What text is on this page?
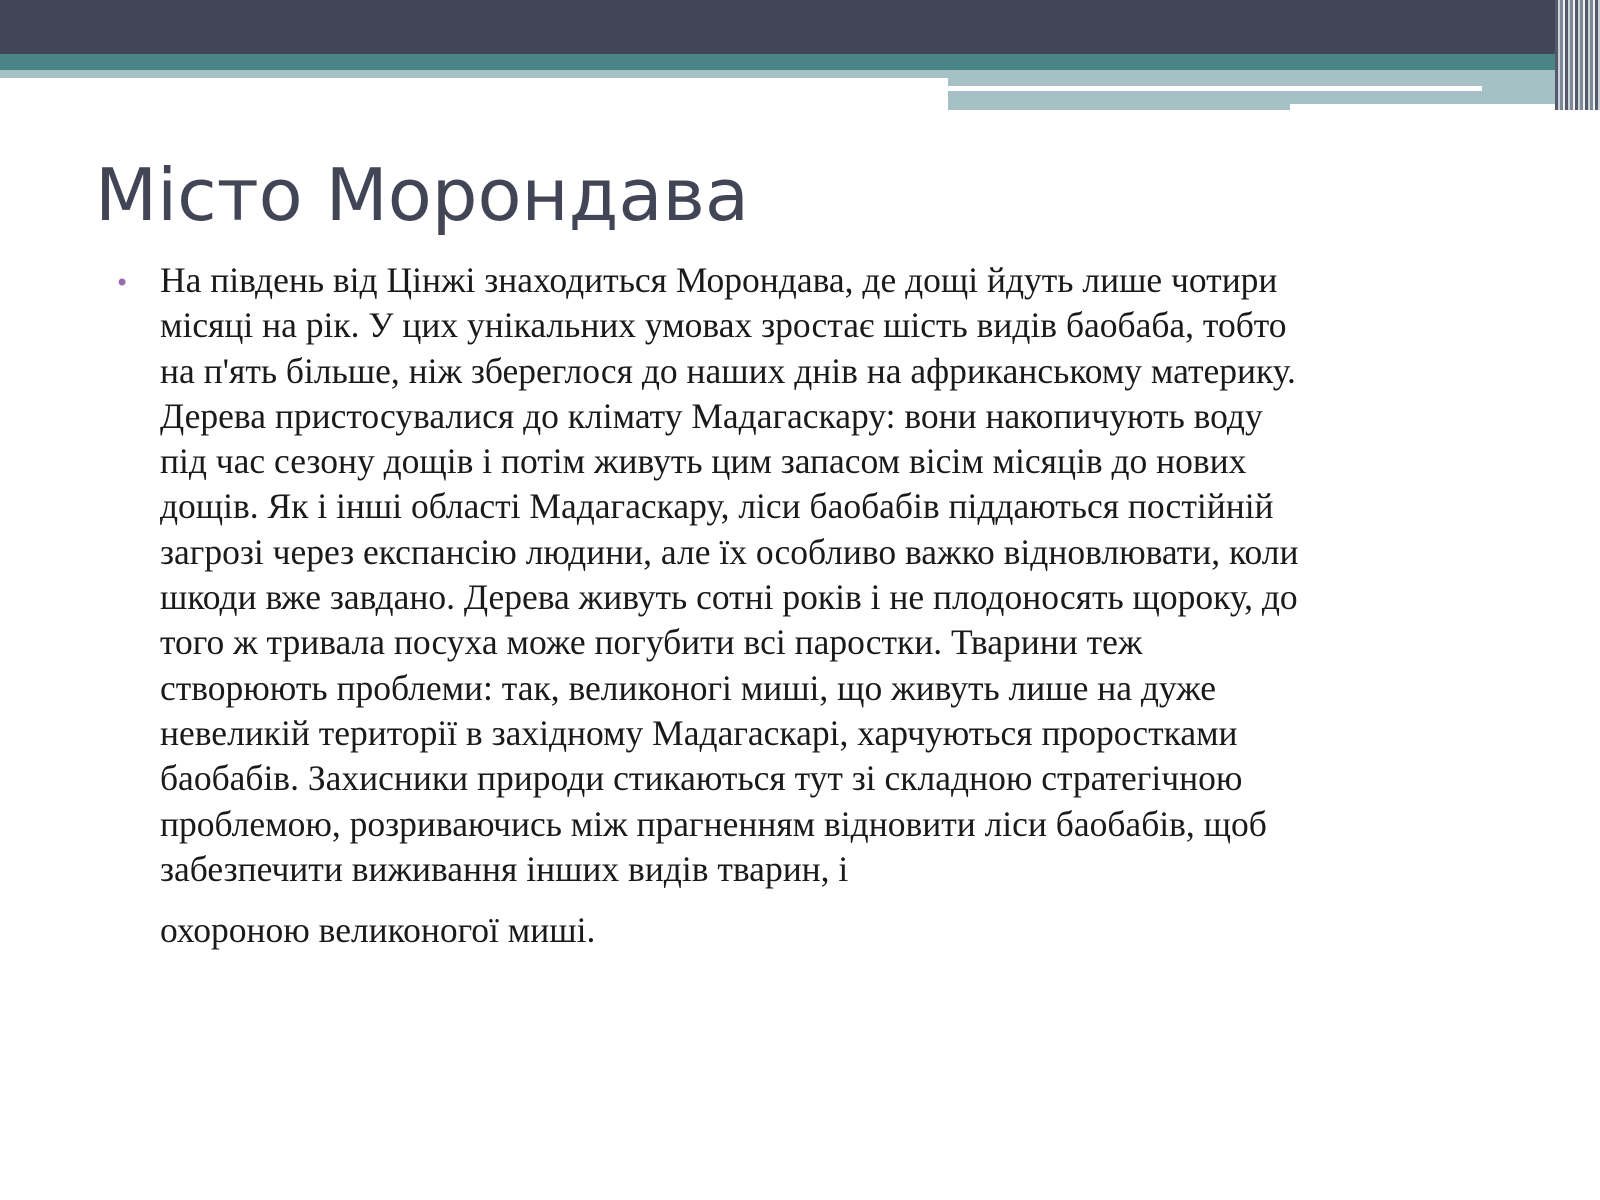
Місто Морондава
• На південь від Цінжі знаходиться Морондава, де дощі йдуть лише чотири
місяці на рік. У цих унікальних умовах зростає шість видів баобаба, тобто
на п'ять більше, ніж збереглося до наших днів на африканському материку.
Дерева пристосувалися до клімату Мадагаскару: вони накопичують воду
під час сезону дощів і потім живуть цим запасом вісім місяців до нових
дощів. Як і інші області Мадагаскару, ліси баобабів піддаються постійній
загрозі через експансію людини, але їх особливо важко відновлювати, коли
шкоди вже завдано. Дерева живуть сотні років і не плодоносять щороку, до
того ж тривала посуха може погубити всі паростки. Тварини теж
створюють проблеми: так, великоногі миші, що живуть лише на дуже
невеликій території в західному Мадагаскарі, харчуються проростками
баобабів. Захисники природи стикаються тут зі складною стратегічною
проблемою, розриваючись між прагненням відновити ліси баобабів, щоб
забезпечити виживання інших видів тварин, і

охороною великоногої миші.
